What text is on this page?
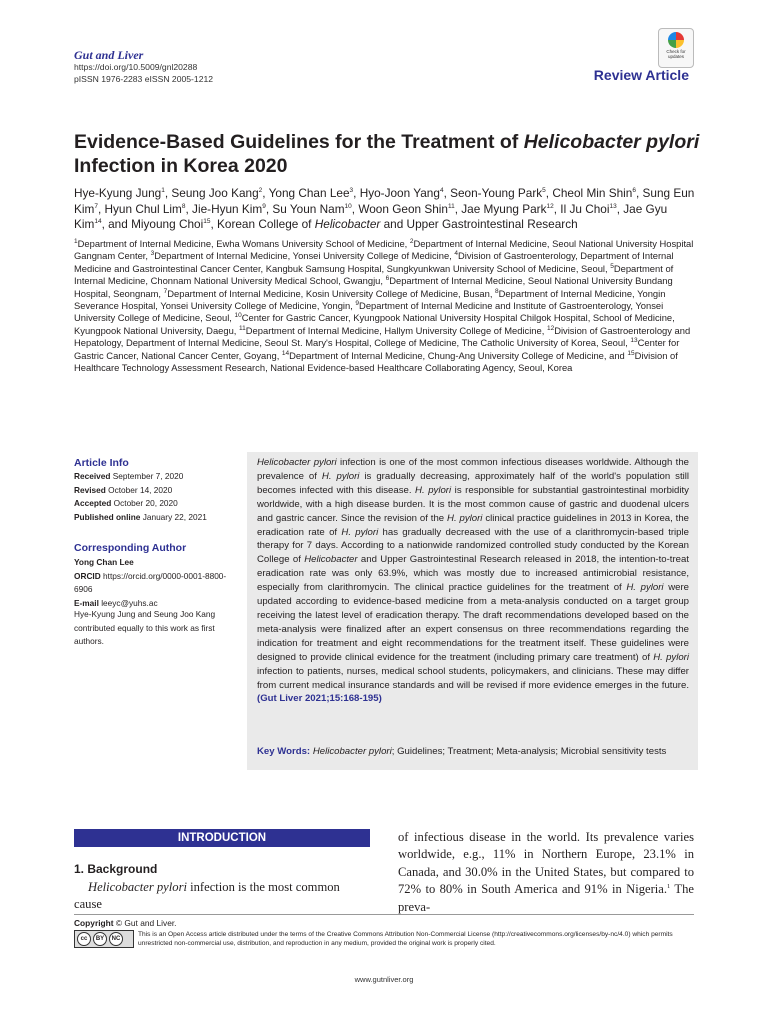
Gut and Liver
https://doi.org/10.5009/gnl20288
pISSN 1976-2283 eISSN 2005-1212
Check for
updates
Review Article
Evidence-Based Guidelines for the Treatment of Helicobacter pylori Infection in Korea 2020
Hye-Kyung Jung$^1$, Seung Joo Kang$^2$, Yong Chan Lee$^3$, Hyo-Joon Yang$^4$, Seon-Young Park$^5$, Cheol Min Shin$^6$, Sung Eun Kim$^7$, Hyun Chul Lim$^8$, Jie-Hyun Kim$^9$, Su Youn Nam$^{10}$, Woon Geon Shin$^{11}$, Jae Myung Park$^{12}$, Il Ju Choi$^{13}$, Jae Gyu Kim$^{14}$, and Miyoung Choi$^{15}$, Korean College of Helicobacter and Upper Gastrointestinal Research
$^1$Department of Internal Medicine, Ewha Womans University School of Medicine, $^2$Department of Internal Medicine, Seoul National University Hospital Gangnam Center, $^3$Department of Internal Medicine, Yonsei University College of Medicine, $^4$Division of Gastroenterology, Department of Internal Medicine and Gastrointestinal Cancer Center, Kangbuk Samsung Hospital, Sungkyunkwan University School of Medicine, Seoul, $^5$Department of Internal Medicine, Chonnam National University Medical School, Gwangju, $^6$Department of Internal Medicine, Seoul National University Bundang Hospital, Seongnam, $^7$Department of Internal Medicine, Kosin University College of Medicine, Busan, $^8$Department of Internal Medicine, Yongin Severance Hospital, Yonsei University College of Medicine, Yongin, $^9$Department of Internal Medicine and Institute of Gastroenterology, Yonsei University College of Medicine, Seoul, $^{10}$Center for Gastric Cancer, Kyungpook National University Hospital Chilgok Hospital, School of Medicine, Kyungpook National University, Daegu, $^{11}$Department of Internal Medicine, Hallym University College of Medicine, $^{12}$Division of Gastroenterology and Hepatology, Department of Internal Medicine, Seoul St. Mary's Hospital, College of Medicine, The Catholic University of Korea, Seoul, $^{13}$Center for Gastric Cancer, National Cancer Center, Goyang, $^{14}$Department of Internal Medicine, Chung-Ang University College of Medicine, and $^{15}$Division of Healthcare Technology Assessment Research, National Evidence-based Healthcare Collaborating Agency, Seoul, Korea
Article Info
Received September 7, 2020
Revised October 14, 2020
Accepted October 20, 2020
Published online January 22, 2021
Corresponding Author
Yong Chan Lee
ORCID https://orcid.org/0000-0001-8800-6906
E-mail leeyc@yuhs.ac
Hye-Kyung Jung and Seung Joo Kang contributed equally to this work as first authors.
Helicobacter pylori infection is one of the most common infectious diseases worldwide. Although the prevalence of H. pylori is gradually decreasing, approximately half of the world's population still becomes infected with this disease. H. pylori is responsible for substantial gastrointestinal morbidity worldwide, with a high disease burden. It is the most common cause of gastric and duodenal ulcers and gastric cancer. Since the revision of the H. pylori clinical practice guidelines in 2013 in Korea, the eradication rate of H. pylori has gradually decreased with the use of a clarithromycin-based triple therapy for 7 days. According to a nationwide randomized controlled study conducted by the Korean College of Helicobacter and Upper Gastrointestinal Research released in 2018, the intention-to-treat eradication rate was only 63.9%, which was mostly due to increased antimicrobial resistance, especially from clarithromycin. The clinical practice guidelines for the treatment of H. pylori were updated according to evidence-based medicine from a meta-analysis conducted on a target group receiving the latest level of eradication therapy. The draft recommendations developed based on the meta-analysis were finalized after an expert consensus on three recommendations regarding the indication for treatment and eight recommendations for the treatment itself. These guidelines were designed to provide clinical evidence for the treatment (including primary care treatment) of H. pylori infection to patients, nurses, medical school students, policymakers, and clinicians. These may differ from current medical insurance standards and will be revised if more evidence emerges in the future. (Gut Liver 2021;15:168-195)
Key Words: Helicobacter pylori; Guidelines; Treatment; Meta-analysis; Microbial sensitivity tests
INTRODUCTION
1. Background
Helicobacter pylori infection is the most common cause
of infectious disease in the world. Its prevalence varies worldwide, e.g., 11% in Northern Europe, 23.1% in Canada, and 30.0% in the United States, but compared to 72% to 80% in South America and 91% in Nigeria.$^1$ The preva-
Copyright © Gut and Liver.
cc	BY	NC
This is an Open Access article distributed under the terms of the Creative Commons Attribution Non-Commercial License (http://creativecommons.org/licenses/by-nc/4.0) which permits unrestricted non-commercial use, distribution, and reproduction in any medium, provided the original work is properly cited.
www.gutnliver.org
